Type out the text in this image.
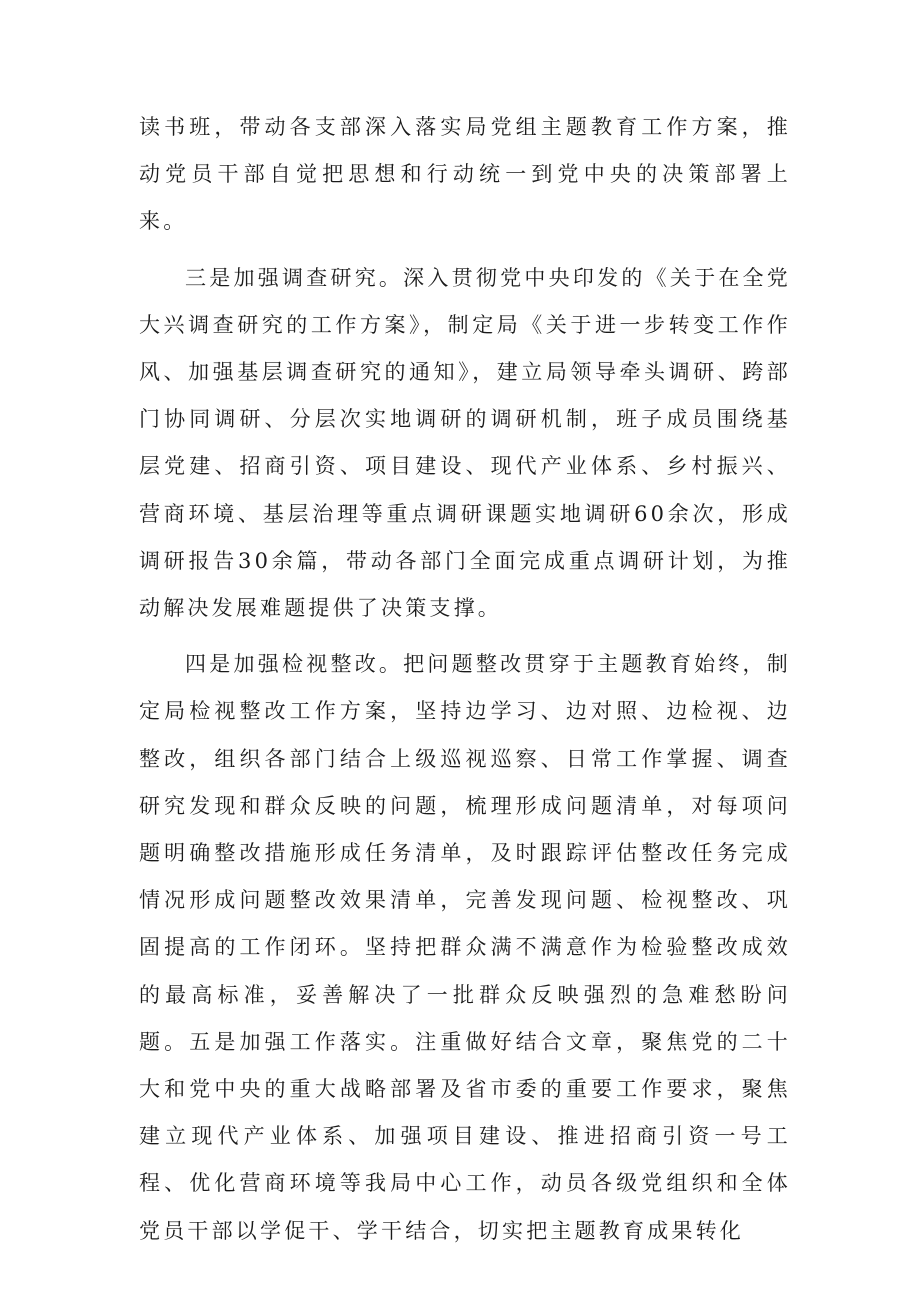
读书班，带动各支部深入落实局党组主题教育工作方案，推动党员干部自觉把思想和行动统一到党中央的决策部署上来。

三是加强调查研究。深入贯彻党中央印发的《关于在全党大兴调查研究的工作方案》，制定局《关于进一步转变工作作风、加强基层调查研究的通知》，建立局领导牵头调研、跨部门协同调研、分层次实地调研的调研机制，班子成员围绕基层党建、招商引资、项目建设、现代产业体系、乡村振兴、营商环境、基层治理等重点调研课题实地调研60余次，形成调研报告30余篇，带动各部门全面完成重点调研计划，为推动解决发展难题提供了决策支撑。

四是加强检视整改。把问题整改贯穿于主题教育始终，制定局检视整改工作方案，坚持边学习、边对照、边检视、边整改，组织各部门结合上级巡视巡察、日常工作掌握、调查研究发现和群众反映的问题，梳理形成问题清单，对每项问题明确整改措施形成任务清单，及时跟踪评估整改任务完成情况形成问题整改效果清单，完善发现问题、检视整改、巩固提高的工作闭环。坚持把群众满不满意作为检验整改成效的最高标准，妥善解决了一批群众反映强烈的急难愁盼问题。五是加强工作落实。注重做好结合文章，聚焦党的二十大和党中央的重大战略部署及省市委的重要工作要求，聚焦建立现代产业体系、加强项目建设、推进招商引资一号工程、优化营商环境等我局中心工作，动员各级党组织和全体党员干部以学促干、学干结合，切实把主题教育成果转化
